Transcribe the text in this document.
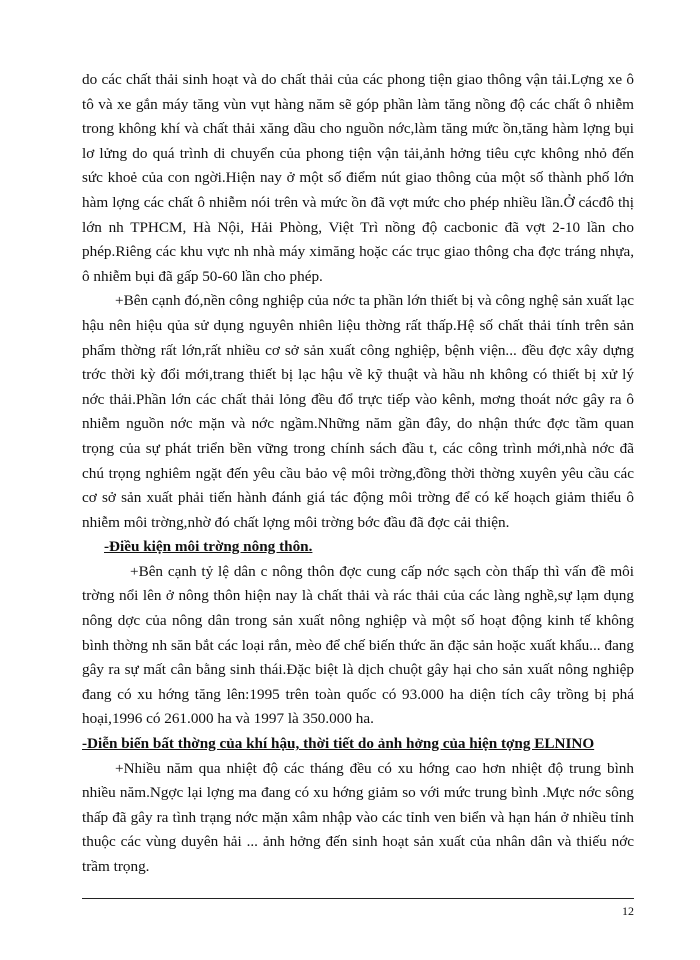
do các chất thải sinh hoạt và do chất thải của các phong tiện giao thông vận tải.Lợng xe ô tô và xe gắn máy tăng vùn vụt hàng năm sẽ góp phần làm tăng nồng độ các chất ô nhiễm trong không khí và chất thải xăng dầu cho nguồn nớc,làm tăng mức ồn,tăng hàm lợng bụi lơ lửng do quá trình di chuyển của phong tiện vận tải,ảnh hởng tiêu cực không nhỏ đến sức khoẻ của con ngời.Hiện nay ở một số điểm nút giao thông của một số thành phố lớn hàm lợng các chất ô nhiễm nói trên và mức ồn đã vợt mức cho phép nhiều lần.Ở cácđô thị lớn nh TPHCM, Hà Nội, Hải Phòng, Việt Trì nồng độ cacbonic đã vợt 2-10 lần cho phép.Riêng các khu vực nh nhà máy ximăng hoặc các trục giao thông cha đợc tráng nhựa, ô nhiễm bụi đã gấp 50-60 lần cho phép.

+Bên cạnh đó,nền công nghiệp của nớc ta phần lớn thiết bị và công nghệ sản xuất lạc hậu nên hiệu qủa sử dụng nguyên nhiên liệu thờng rất thấp.Hệ số chất thải tính trên sản phẩm thờng rất lớn,rất nhiều cơ sở sản xuất công nghiệp, bệnh viện... đều đợc xây dựng trớc thời kỳ đổi mới,trang thiết bị lạc hậu về kỹ thuật và hầu nh không có thiết bị xử lý nớc thải.Phần lớn các chất thải lỏng đều đổ trực tiếp vào kênh, mơng thoát nớc gây ra ô nhiễm nguồn nớc mặn và nớc ngầm.Những năm gần đây, do nhận thức đợc tầm quan trọng của sự phát triển bền vững trong chính sách đầu t, các công trình mới,nhà nớc đã chú trọng nghiêm ngặt đến yêu cầu bảo vệ môi trờng,đồng thời thờng xuyên yêu cầu các cơ sở sản xuất phải tiến hành đánh giá tác động môi trờng để có kế hoạch giảm thiểu ô nhiễm môi trờng,nhờ đó chất lợng môi trờng bớc đầu đã đợc cải thiện.

-Điều kiện môi trờng nông thôn.

+Bên cạnh tỷ lệ dân c nông thôn đợc cung cấp nớc sạch còn thấp thì vấn đề môi trờng nổi lên ở nông thôn hiện nay là chất thải và rác thải của các làng nghề,sự lạm dụng nông dợc của nông dân trong sản xuất nông nghiệp và một số hoạt động kinh tế không bình thờng nh săn bắt các loại rắn, mèo để chế biến thức ăn đặc sản hoặc xuất khẩu... đang gây ra sự mất cân bằng sinh thái.Đặc biệt là dịch chuột gây hại cho sản xuất nông nghiệp đang có xu hớng tăng lên:1995 trên toàn quốc có 93.000 ha diện tích cây trồng bị phá hoại,1996 có 261.000 ha và 1997 là 350.000 ha.

-Diễn biến bất thờng của khí hậu, thời tiết do ảnh hởng của hiện tợng ELNINO

+Nhiều năm qua nhiệt độ các tháng đều có xu hớng cao hơn nhiệt độ trung bình nhiều năm.Ngợc lại lợng ma đang có xu hớng giảm so với mức trung bình .Mực nớc sông thấp đã gây ra tình trạng nớc mặn xâm nhập vào các tỉnh ven biển và hạn hán ở nhiều tỉnh thuộc các vùng duyên hải ... ảnh hởng đến sinh hoạt sản xuất của nhân dân và thiếu nớc trầm trọng.

12
